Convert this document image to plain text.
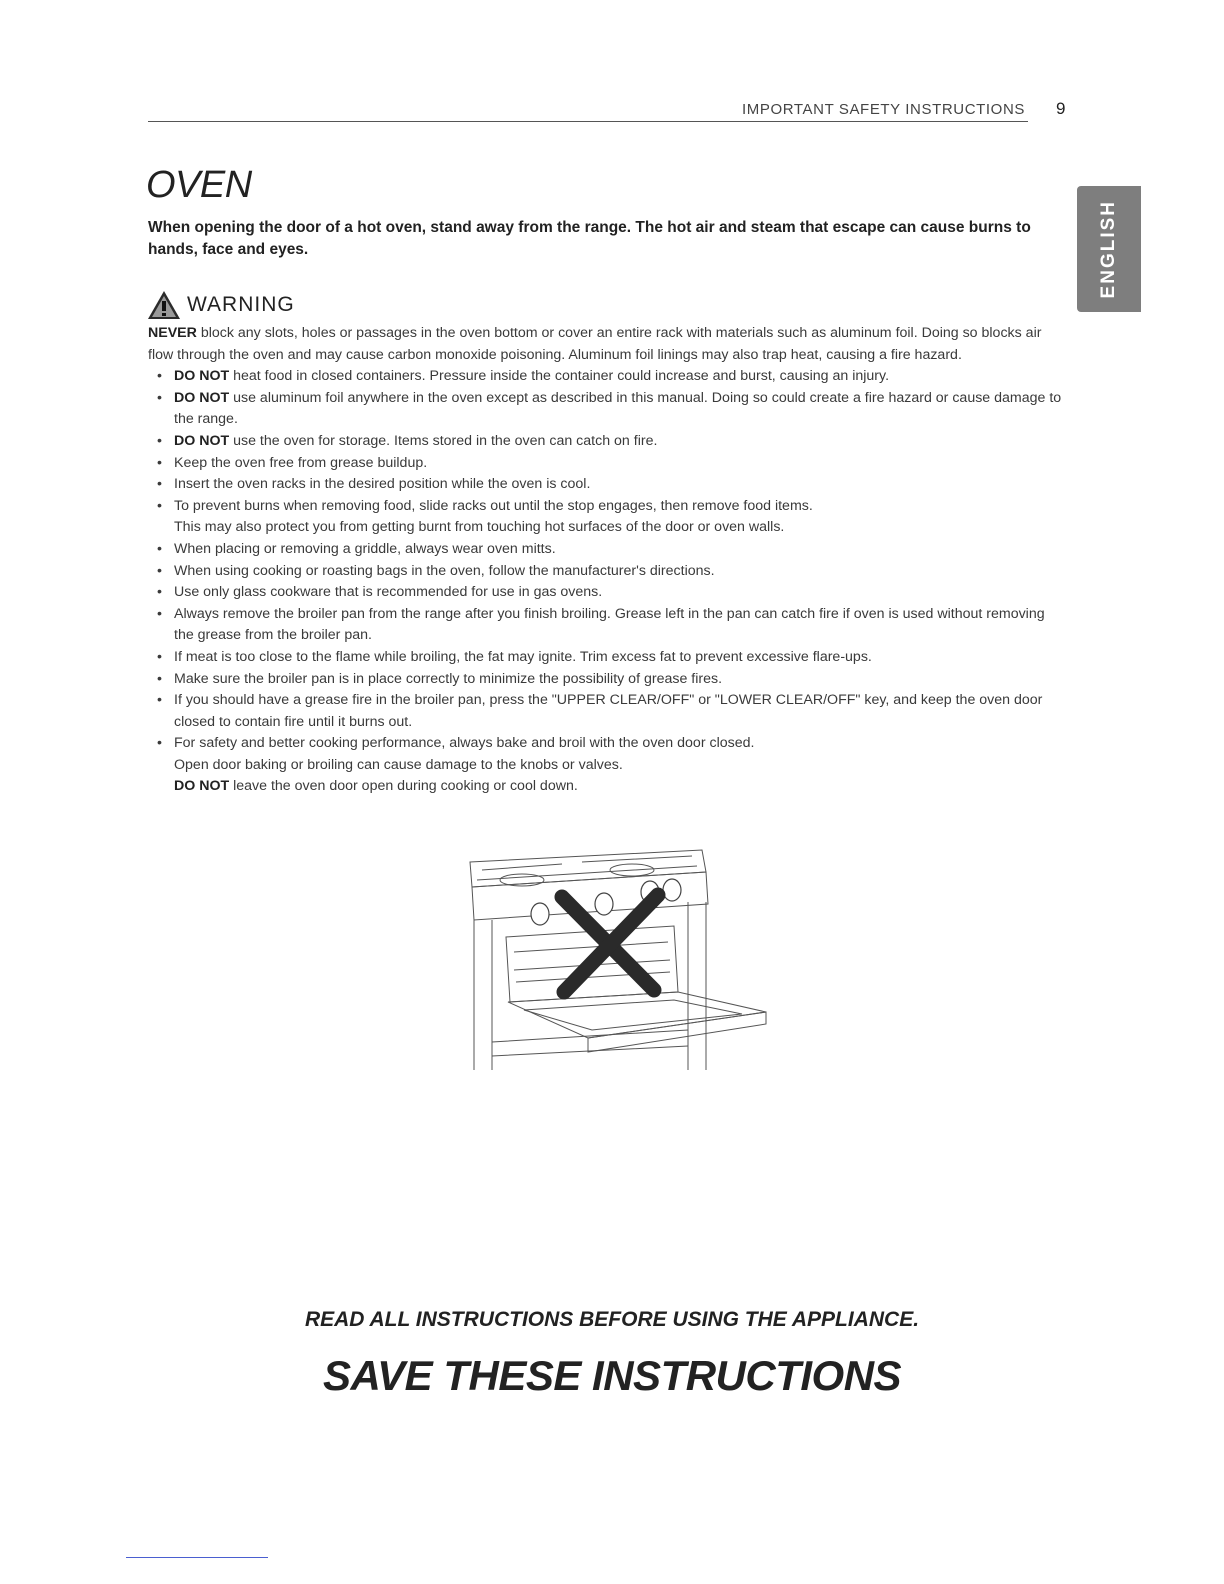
IMPORTANT SAFETY INSTRUCTIONS 9
ENGLISH
OVEN

When opening the door of a hot oven, stand away from the range. The hot air and steam that escape can cause burns to hands, face and eyes.

WARNING

NEVER block any slots, holes or passages in the oven bottom or cover an entire rack with materials such as aluminum foil. Doing so blocks air flow through the oven and may cause carbon monoxide poisoning. Aluminum foil linings may also trap heat, causing a fire hazard.

• DO NOT heat food in closed containers. Pressure inside the container could increase and burst, causing an injury.
• DO NOT use aluminum foil anywhere in the oven except as described in this manual. Doing so could create a fire hazard or cause damage to the range.
• DO NOT use the oven for storage. Items stored in the oven can catch on fire.
• Keep the oven free from grease buildup.
• Insert the oven racks in the desired position while the oven is cool.
• To prevent burns when removing food, slide racks out until the stop engages, then remove food items.
This may also protect you from getting burnt from touching hot surfaces of the door or oven walls.
• When placing or removing a griddle, always wear oven mitts.
• When using cooking or roasting bags in the oven, follow the manufacturer's directions.
• Use only glass cookware that is recommended for use in gas ovens.
• Always remove the broiler pan from the range after you finish broiling. Grease left in the pan can catch fire if oven is used without removing the grease from the broiler pan.
• If meat is too close to the flame while broiling, the fat may ignite. Trim excess fat to prevent excessive flare-ups.
• Make sure the broiler pan is in place correctly to minimize the possibility of grease fires.
• If you should have a grease fire in the broiler pan, press the "UPPER CLEAR/OFF" or "LOWER CLEAR/OFF" key, and keep the oven door closed to contain fire until it burns out.
• For safety and better cooking performance, always bake and broil with the oven door closed.
Open door baking or broiling can cause damage to the knobs or valves.
DO NOT leave the oven door open during cooking or cool down.
READ ALL INSTRUCTIONS BEFORE USING THE APPLIANCE.
SAVE THESE INSTRUCTIONS
